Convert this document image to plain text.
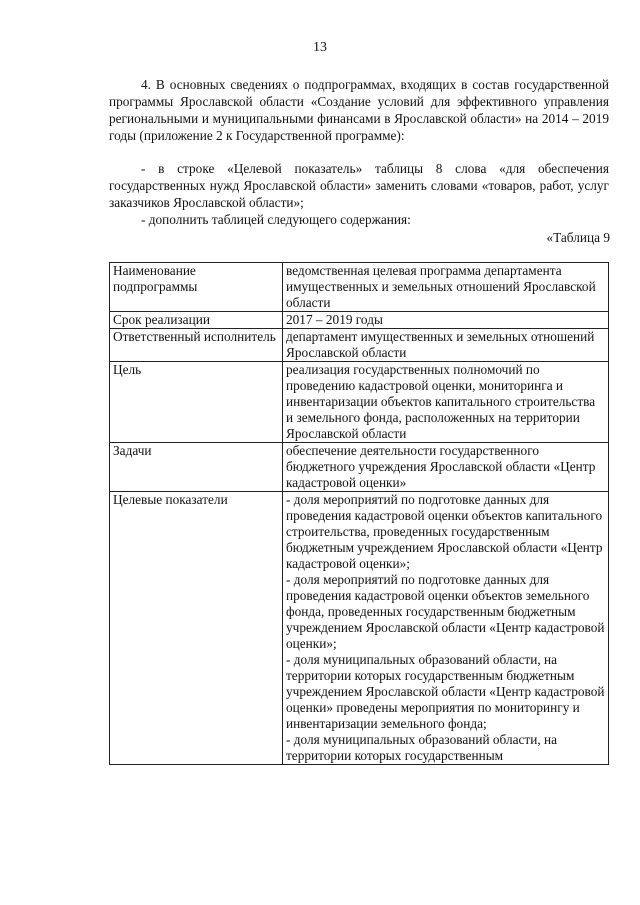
13
4. В основных сведениях о подпрограммах, входящих в состав государственной программы Ярославской области «Создание условий для эффективного управления региональными и муниципальными финансами в Ярославской области» на 2014 – 2019 годы (приложение 2 к Государственной программе):
- в строке «Целевой показатель» таблицы 8 слова «для обеспечения государственных нужд Ярославской области» заменить словами «товаров, работ, услуг заказчиков Ярославской области»;
- дополнить таблицей следующего содержания:
«Таблица 9
Наименование подпрограммы	ведомственная целевая программа департамента имущественных и земельных отношений Ярославской области
Срок реализации	2017 – 2019 годы
Ответственный исполнитель	департамент имущественных и земельных отношений Ярославской области
Цель	реализация государственных полномочий по проведению кадастровой оценки, мониторинга и инвентаризации объектов капитального строительства и земельного фонда, расположенных на территории Ярославской области
Задачи	обеспечение деятельности государственного бюджетного учреждения Ярославской области «Центр кадастровой оценки»
Целевые показатели	- доля мероприятий по подготовке данных для проведения кадастровой оценки объектов капитального строительства, проведенных государственным бюджетным учреждением Ярославской области «Центр кадастровой оценки»;
- доля мероприятий по подготовке данных для проведения кадастровой оценки объектов земельного фонда, проведенных государственным бюджетным учреждением Ярославской области «Центр кадастровой оценки»;
- доля муниципальных образований области, на территории которых государственным бюджетным учреждением Ярославской области «Центр кадастровой оценки» проведены мероприятия по мониторингу и инвентаризации земельного фонда;
- доля муниципальных образований области, на территории которых государственным
